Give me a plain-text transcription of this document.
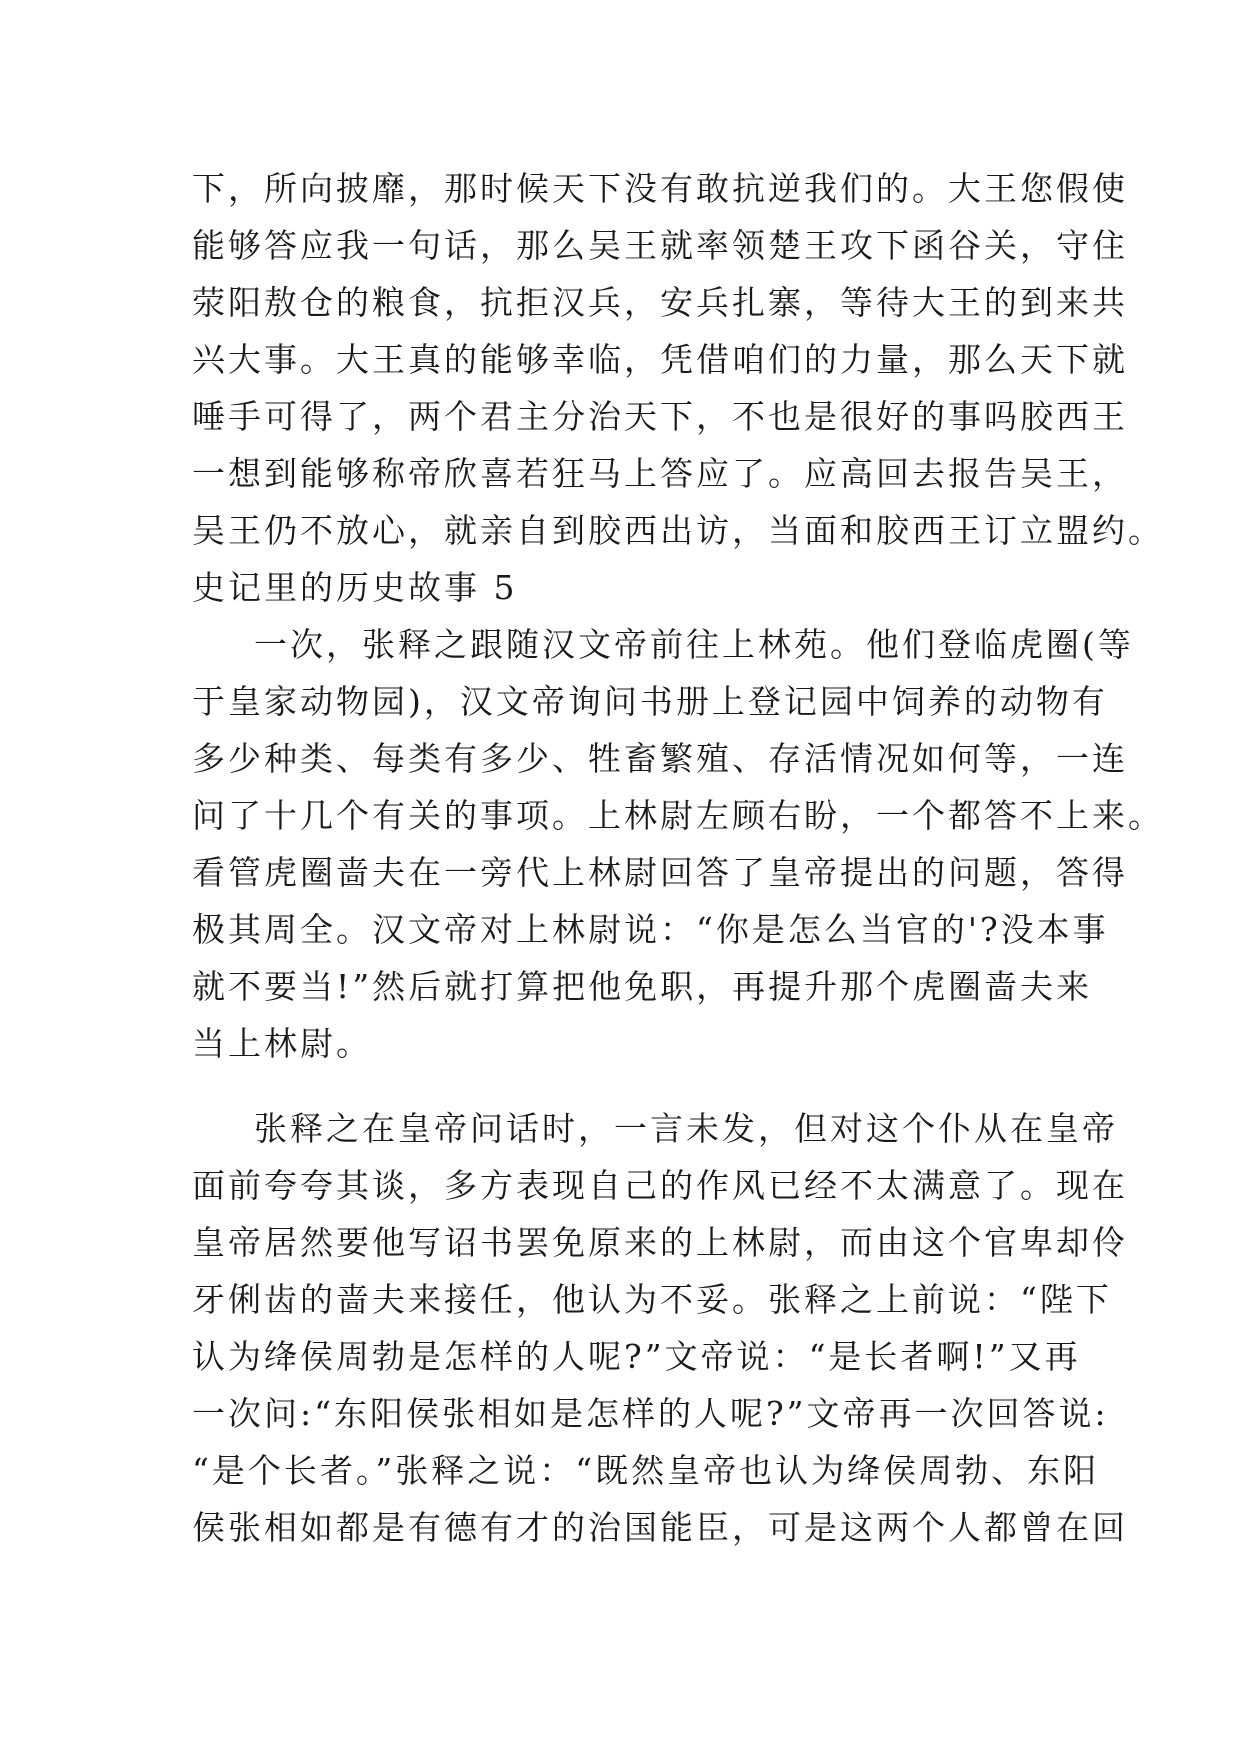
下，所向披靡，那时候天下没有敢抗逆我们的。大王您假使
能够答应我一句话，那么吴王就率领楚王攻下函谷关，守住
荥阳敖仓的粮食，抗拒汉兵，安兵扎寨，等待大王的到来共
兴大事。大王真的能够幸临，凭借咱们的力量，那么天下就
唾手可得了，两个君主分治天下，不也是很好的事吗胶西王
一想到能够称帝欣喜若狂马上答应了。应高回去报告吴王，
吴王仍不放心，就亲自到胶西出访，当面和胶西王订立盟约。
史记里的历史故事 5
一次，张释之跟随汉文帝前往上林苑。他们登临虎圈(等
于皇家动物园)，汉文帝询问书册上登记园中饲养的动物有
多少种类、每类有多少、牲畜繁殖、存活情况如何等，一连
问了十几个有关的事项。上林尉左顾右盼，一个都答不上来。
看管虎圈啬夫在一旁代上林尉回答了皇帝提出的问题，答得
极其周全。汉文帝对上林尉说：“你是怎么当官的'?没本事
就不要当!”然后就打算把他免职，再提升那个虎圈啬夫来
当上林尉。
张释之在皇帝问话时，一言未发，但对这个仆从在皇帝
面前夸夸其谈，多方表现自己的作风已经不太满意了。现在
皇帝居然要他写诏书罢免原来的上林尉，而由这个官卑却伶
牙俐齿的啬夫来接任，他认为不妥。张释之上前说：“陛下
认为绛侯周勃是怎样的人呢?”文帝说：“是长者啊!”又再
一次问:“东阳侯张相如是怎样的人呢?”文帝再一次回答说:
“是个长者。”张释之说：“既然皇帝也认为绛侯周勃、东阳
侯张相如都是有德有才的治国能臣，可是这两个人都曾在回
